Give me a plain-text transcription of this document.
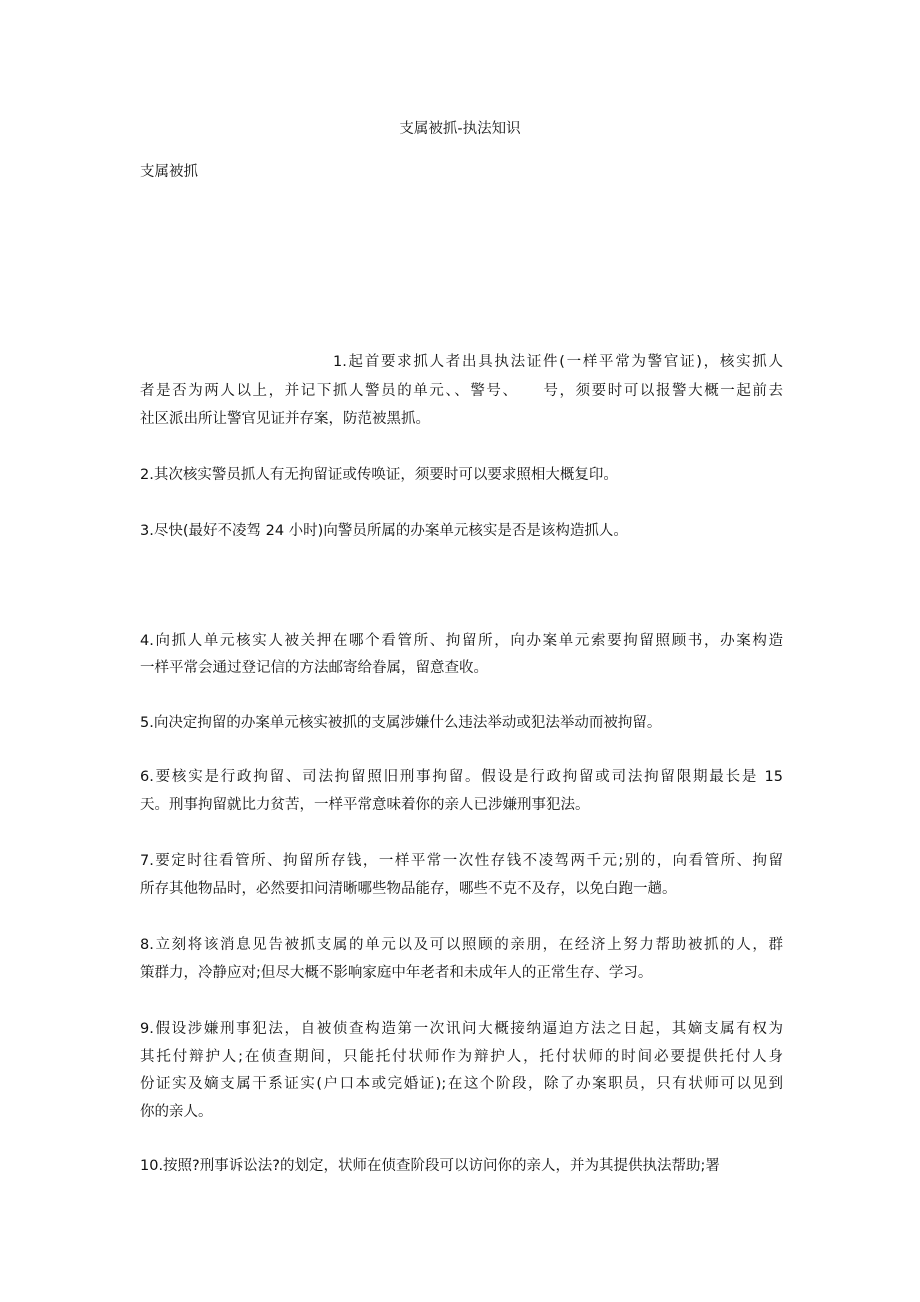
支属被抓-执法知识
支属被抓
1.起首要求抓人者出具执法证件(一样平常为警官证)，核实抓人
者是否为两人以上，并记下抓人警员的单元、、警号、　　号，须要时可以报警大概一起前去
社区派出所让警官见证并存案，防范被黑抓。
2.其次核实警员抓人有无拘留证或传唤证，须要时可以要求照相大概复印。
3.尽快(最好不凌驾 24 小时)向警员所属的办案单元核实是否是该构造抓人。
4.向抓人单元核实人被关押在哪个看管所、拘留所，向办案单元索要拘留照顾书，办案构造
一样平常会通过登记信的方法邮寄给眷属，留意查收。
5.向决定拘留的办案单元核实被抓的支属涉嫌什么违法举动或犯法举动而被拘留。
6.要核实是行政拘留、司法拘留照旧刑事拘留。假设是行政拘留或司法拘留限期最长是 15
天。刑事拘留就比力贫苦，一样平常意味着你的亲人已涉嫌刑事犯法。
7.要定时往看管所、拘留所存钱，一样平常一次性存钱不凌驾两千元;别的，向看管所、拘留
所存其他物品时，必然要扣问清晰哪些物品能存，哪些不克不及存，以免白跑一趟。
8.立刻将该消息见告被抓支属的单元以及可以照顾的亲朋，在经济上努力帮助被抓的人，群
策群力，冷静应对;但尽大概不影响家庭中年老者和未成年人的正常生存、学习。
9.假设涉嫌刑事犯法，自被侦查构造第一次讯问大概接纳逼迫方法之日起，其嫡支属有权为
其托付辩护人;在侦查期间，只能托付状师作为辩护人，托付状师的时间必要提供托付人身
份证实及嫡支属干系证实(户口本或完婚证);在这个阶段，除了办案职员，只有状师可以见到
你的亲人。
10.按照?刑事诉讼法?的划定，状师在侦查阶段可以访问你的亲人，并为其提供执法帮助;署
